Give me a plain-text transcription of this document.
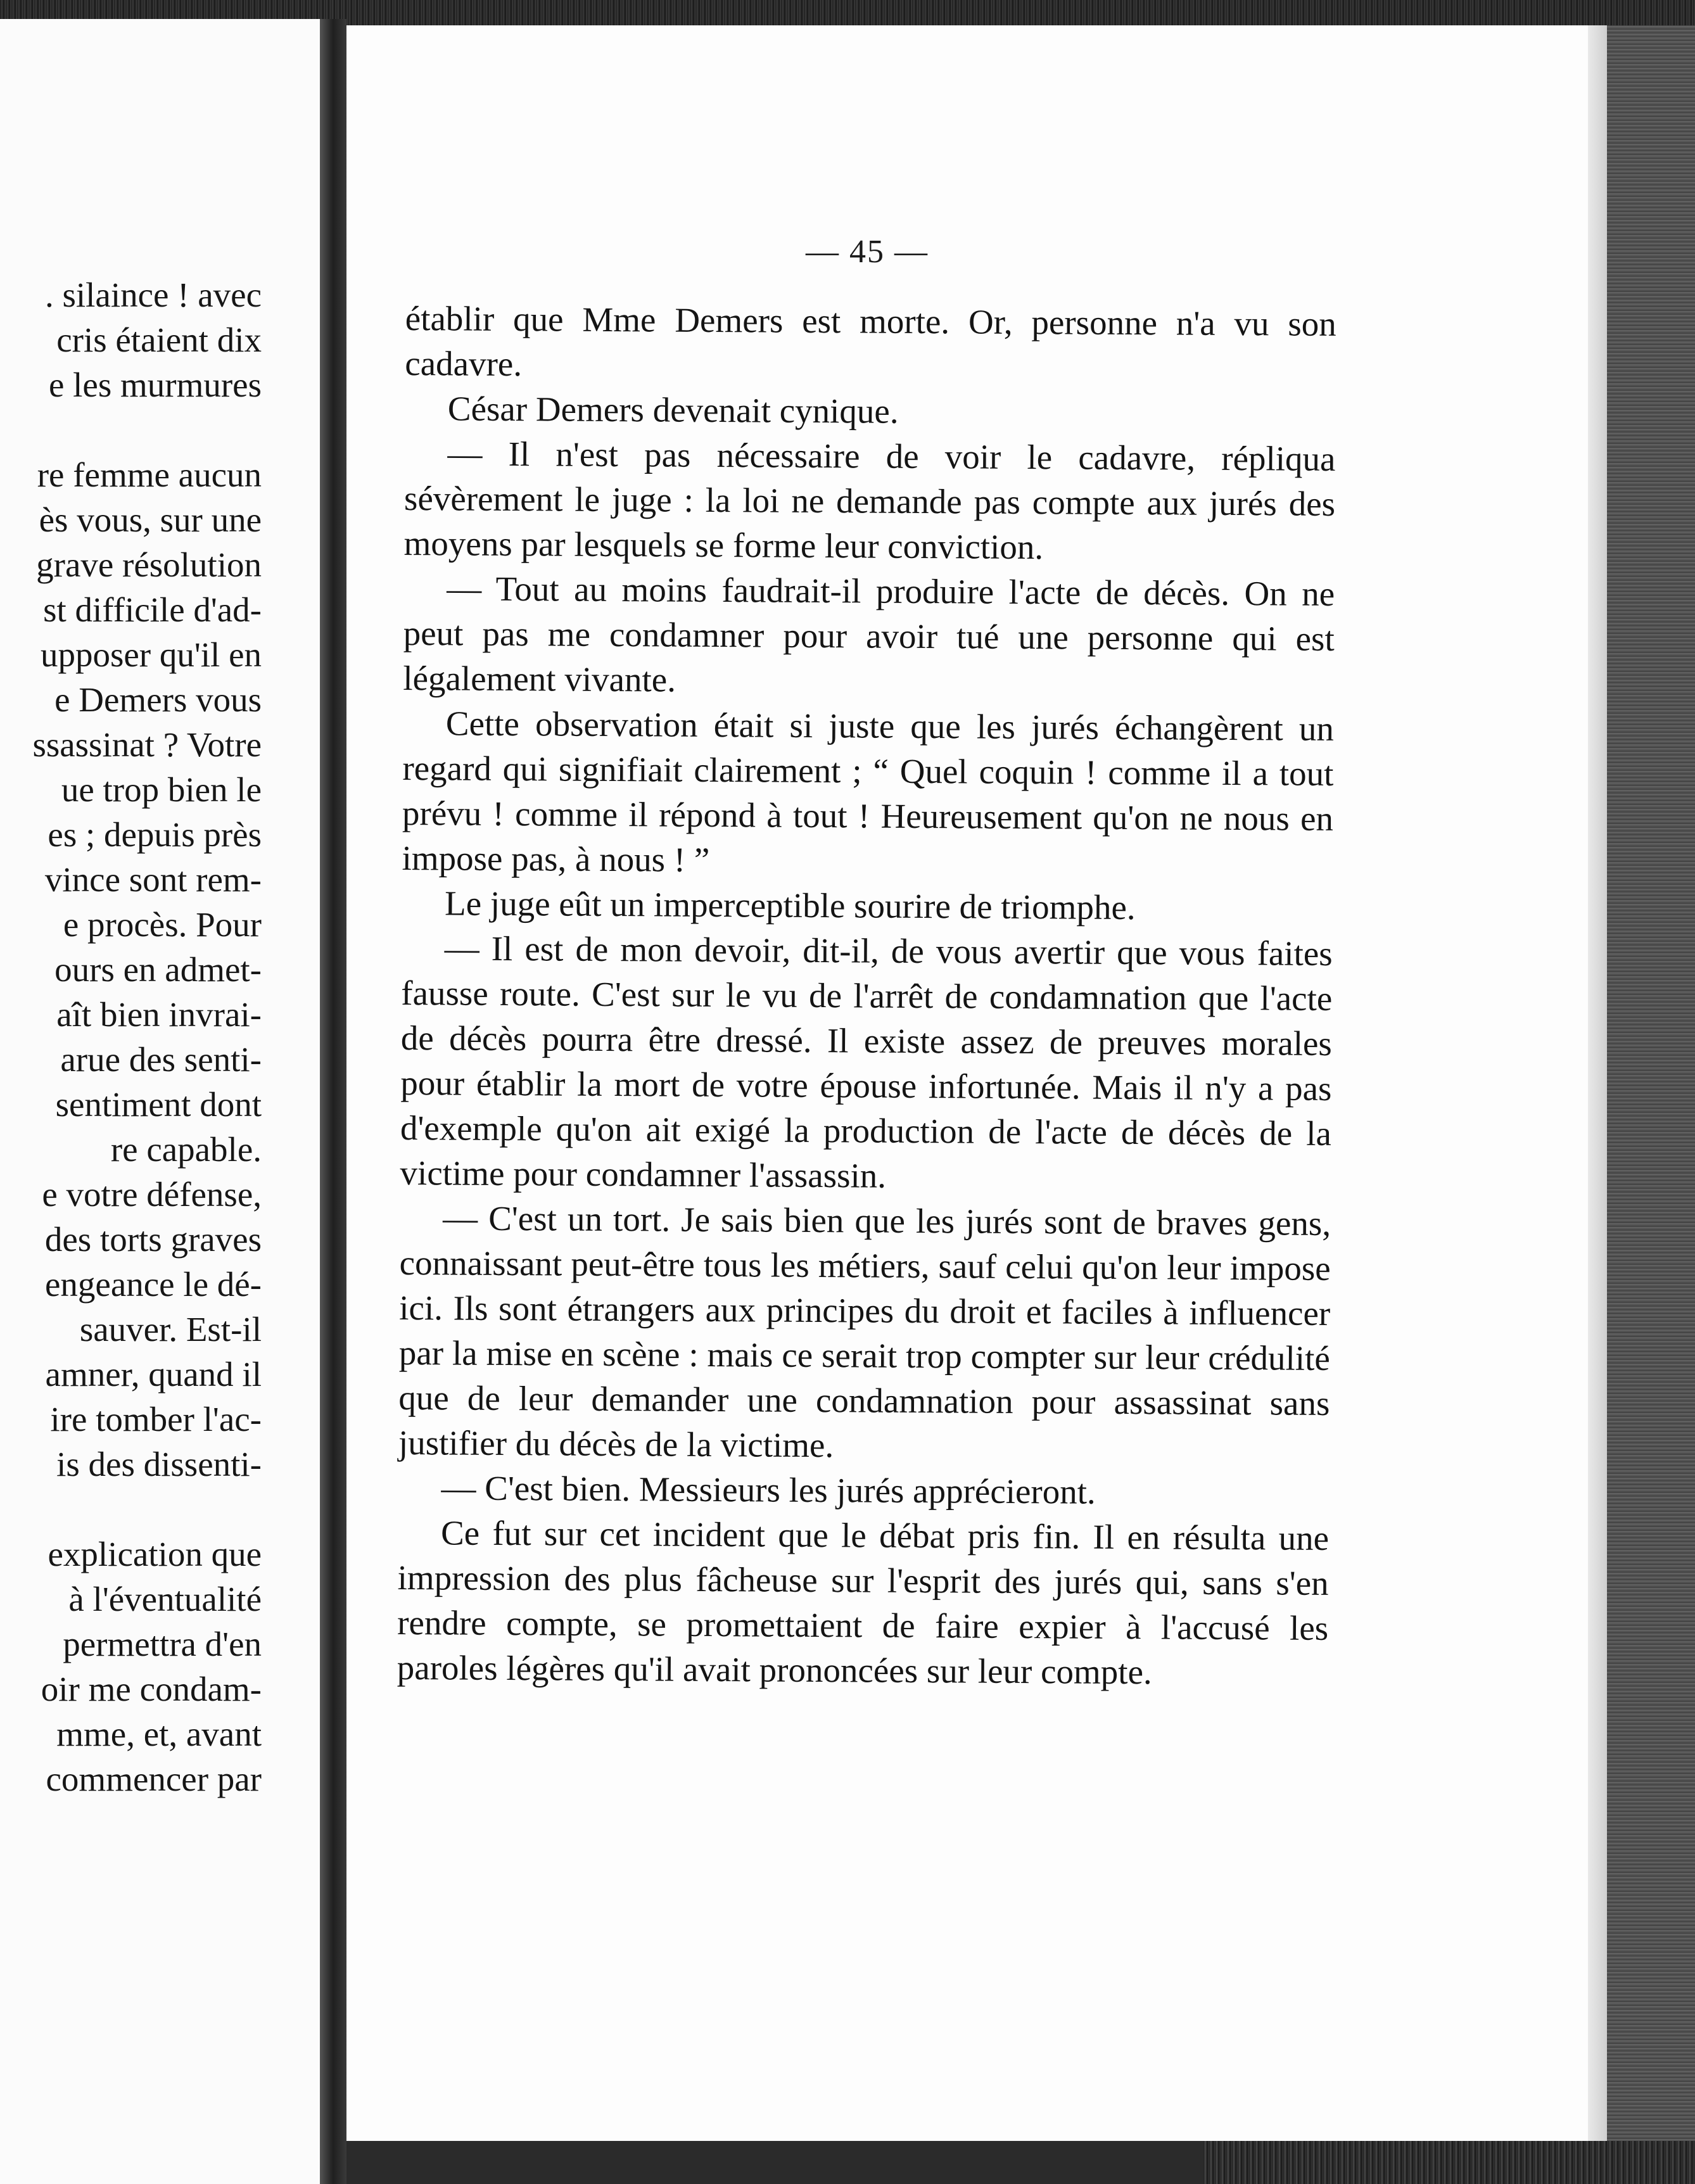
. silaince ! avec
cris étaient dix
e les murmures
re femme aucun
ès vous, sur une
grave résolution
st difficile d'ad-
upposer qu'il en
e Demers vous
ssassinat ? Votre
ue trop bien le
es ; depuis près
vince sont rem-
e procès. Pour
ours en admet-
aît bien invrai-
arue des senti-
sentiment dont
re capable.
e votre défense,
des torts graves
engeance le dé-
sauver. Est-il
amner, quand il
ire tomber l'ac-
is des dissenti-
explication que
à l'éventualité
permettra d'en
oir me condam-
mme, et, avant
commencer par
— 45 —
établir que Mme Demers est morte. Or, personne n'a vu son cadavre.
César Demers devenait cynique.
— Il n'est pas nécessaire de voir le cadavre, répliqua sévèrement le juge : la loi ne demande pas compte aux jurés des moyens par lesquels se forme leur conviction.
— Tout au moins faudrait-il produire l'acte de décès. On ne peut pas me condamner pour avoir tué une personne qui est légalement vivante.
Cette observation était si juste que les jurés échangèrent un regard qui signifiait clairement ; “ Quel coquin ! comme il a tout prévu ! comme il répond à tout ! Heureusement qu'on ne nous en impose pas, à nous ! ”
Le juge eût un imperceptible sourire de triomphe.
— Il est de mon devoir, dit-il, de vous avertir que vous faites fausse route. C'est sur le vu de l'arrêt de condamnation que l'acte de décès pourra être dressé. Il existe assez de preuves morales pour établir la mort de votre épouse infortunée. Mais il n'y a pas d'exemple qu'on ait exigé la production de l'acte de décès de la victime pour condamner l'assassin.
— C'est un tort. Je sais bien que les jurés sont de braves gens, connaissant peut-être tous les métiers, sauf celui qu'on leur impose ici. Ils sont étrangers aux principes du droit et faciles à influencer par la mise en scène : mais ce serait trop compter sur leur crédulité que de leur demander une condamnation pour assassinat sans justifier du décès de la victime.
— C'est bien. Messieurs les jurés apprécieront.
Ce fut sur cet incident que le débat pris fin. Il en résulta une impression des plus fâcheuse sur l'esprit des jurés qui, sans s'en rendre compte, se promettaient de faire expier à l'accusé les paroles légères qu'il avait prononcées sur leur compte.
